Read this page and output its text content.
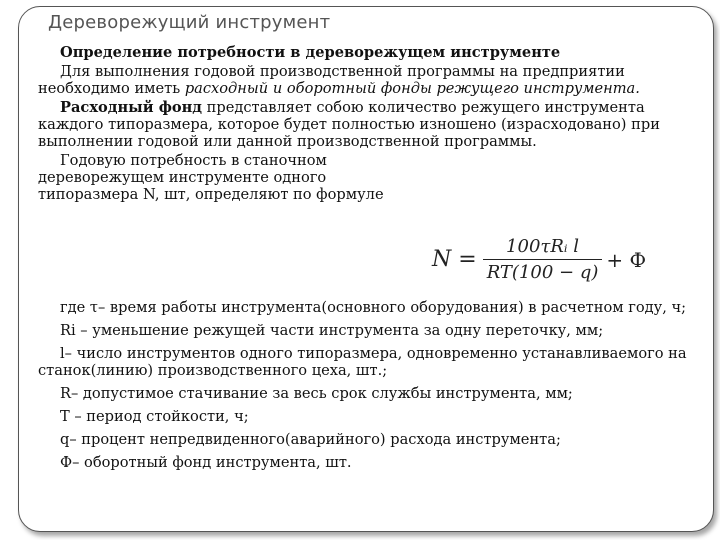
Дереворежущий инструмент

Определение потребности в дереворежущем инструменте

Для выполнения годовой производственной программы на предприятии необходимо иметь расходный и оборотный фонды режущего инструмента.

Расходный фонд представляет собою количество режущего инструмента каждого типоразмера, которое будет полностью изношено (израсходовано) при выполнении годовой или данной производственной программы.

Годовую потребность в станочном дереворежущем инструменте одного типоразмера N, шт, определяют по формуле

$N = \frac{\text{100τRᵢ l}}{RT(100 - q)} + Ф$

где τ– время работы инструмента(основного оборудования) в расчетном году, ч;

Ri – уменьшение режущей части инструмента за одну переточку, мм;

l– число инструментов одного типоразмера, одновременно устанавливаемого на станок(линию) производственного цеха, шт.;

R– допустимое стачивание за весь срок службы инструмента, мм;

Т – период стойкости, ч;

q– процент непредвиденного(аварийного) расхода инструмента;

Ф– оборотный фонд инструмента, шт.
